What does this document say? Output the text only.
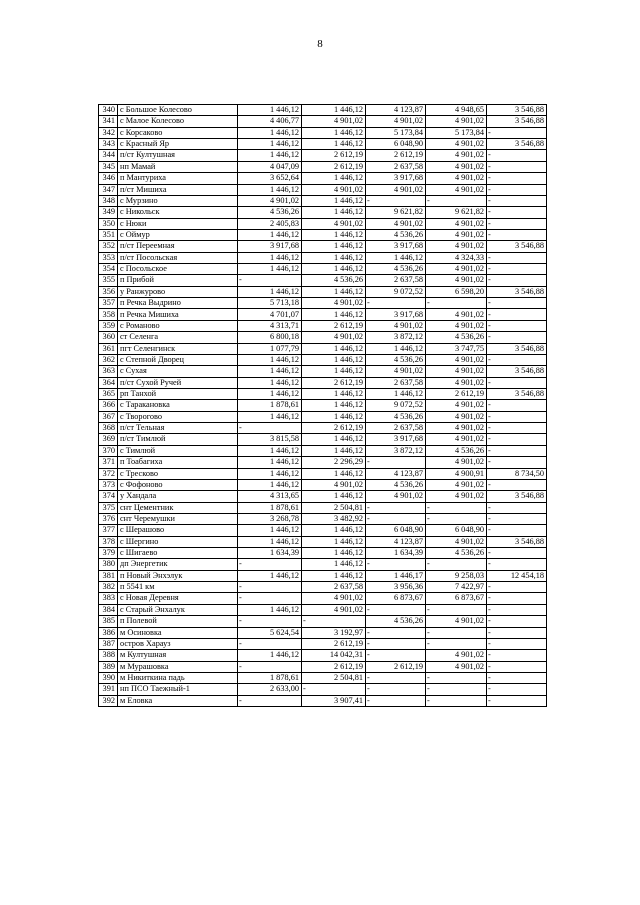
8
340	с Большое Колесово	1 446,12	1 446,12	4 123,87	4 948,65	3 546,88
341	с Малое Колесово	4 406,77	4 901,02	4 901,02	4 901,02	3 546,88
342	с Корсаково	1 446,12	1 446,12	5 173,84	5 173,84	-
343	с Красный Яр	1 446,12	1 446,12	6 048,90	4 901,02	3 546,88
344	п/ст Култушная	1 446,12	2 612,19	2 612,19	4 901,02	-
345	нп Мамай	4 047,09	2 612,19	2 637,58	4 901,02	-
346	п Мантуриха	3 652,64	1 446,12	3 917,68	4 901,02	-
347	п/ст Мишиха	1 446,12	4 901,02	4 901,02	4 901,02	-
348	с Мурзино	4 901,02	1 446,12	-	-	-
349	с Никольск	4 536,26	1 446,12	9 621,82	9 621,82	-
350	с Нюки	2 405,83	4 901,02	4 901,02	4 901,02	-
351	с Оймур	1 446,12	1 446,12	4 536,26	4 901,02	-
352	п/ст Переемная	3 917,68	1 446,12	3 917,68	4 901,02	3 546,88
353	п/ст Посольская	1 446,12	1 446,12	1 446,12	4 324,33	-
354	с Посольское	1 446,12	1 446,12	4 536,26	4 901,02	-
355	п Прибой	-	4 536,26	2 637,58	4 901,02	-
356	у Ранжурово	1 446,12	1 446,12	9 072,52	6 598,20	3 546,88
357	п Речка Выдрино	5 713,18	4 901,02	-	-	-
358	п Речка Мишиха	4 701,07	1 446,12	3 917,68	4 901,02	-
359	с Романово	4 313,71	2 612,19	4 901,02	4 901,02	-
360	ст Селенга	6 800,18	4 901,02	3 872,12	4 536,26	-
361	пгт Селенгинск	1 077,79	1 446,12	1 446,12	3 747,75	3 546,88
362	с Степной Дворец	1 446,12	1 446,12	4 536,26	4 901,02	-
363	с Сухая	1 446,12	1 446,12	4 901,02	4 901,02	3 546,88
364	п/ст Сухой Ручей	1 446,12	2 612,19	2 637,58	4 901,02	-
365	рп Танхой	1 446,12	1 446,12	1 446,12	2 612,19	3 546,88
366	с Таракановка	1 878,61	1 446,12	9 072,52	4 901,02	-
367	с Творогово	1 446,12	1 446,12	4 536,26	4 901,02	-
368	п/ст Тельная	-	2 612,19	2 637,58	4 901,02	-
369	п/ст Тимлюй	3 815,58	1 446,12	3 917,68	4 901,02	-
370	с Тимлюй	1 446,12	1 446,12	3 872,12	4 536,26	-
371	п Тоабагиха	1 446,12	2 296,29	-	4 901,02	-
372	с Тресково	1 446,12	1 446,12	4 123,87	4 900,91	8 734,50
373	с Фофоново	1 446,12	4 901,02	4 536,26	4 901,02	-
374	у Хандала	4 313,65	1 446,12	4 901,02	4 901,02	3 546,88
375	снт Цементник	1 878,61	2 504,81	-	-	-
376	снт Черемушки	3 268,78	3 482,92	-	-	-
377	с Шерашово	1 446,12	1 446,12	6 048,90	6 048,90	-
378	с Шергино	1 446,12	1 446,12	4 123,87	4 901,02	3 546,88
379	с Шигаево	1 634,39	1 446,12	1 634,39	4 536,26	-
380	дп Энергетик	-	1 446,12	-	-	-
381	п Новый Энхэлук	1 446,12	1 446,12	1 446,17	9 258,03	12 454,18
382	п 5541 км	-	2 637,58	3 956,36	7 422,97	-
383	с Новая Деревня	-	4 901,02	6 873,67	6 873,67	-
384	с Старый Энхалук	1 446,12	4 901,02	-	-	-
385	п Полевой	-	-	4 536,26	4 901,02	-
386	м Осиновка	5 624,54	3 192,97	-	-	-
387	остров Харауз	-	2 612,19	-	-	-
388	м Култушная	1 446,12	14 042,31	-	4 901,02	-
389	м Мурашовка	-	2 612,19	2 612,19	4 901,02	-
390	м Никиткина падь	1 878,61	2 504,81	-	-	-
391	нп ПСО Таежный-1	2 633,00	-	-	-	-
392	м Еловка	-	3 907,41	-	-	-
